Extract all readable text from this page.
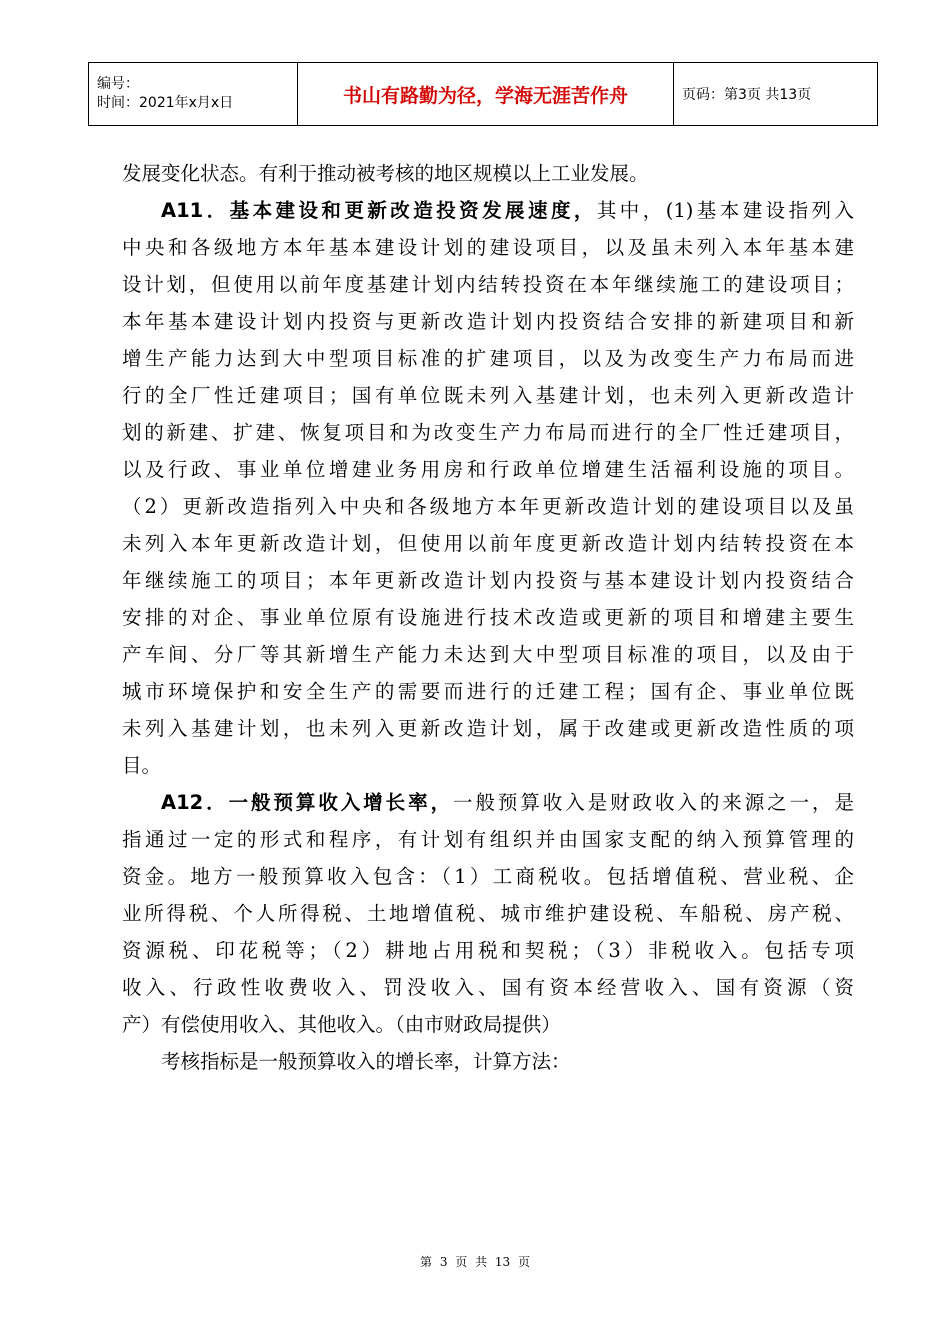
编号：
时间：2021年x月x日	书山有路勤为径，学海无涯苦作舟	页码：第3页 共13页
发展变化状态。有利于推动被考核的地区规模以上工业发展。
A11．基本建设和更新改造投资发展速度，其中，(1)基本建设指列入
中央和各级地方本年基本建设计划的建设项目，以及虽未列入本年基本建
设计划，但使用以前年度基建计划内结转投资在本年继续施工的建设项目；
本年基本建设计划内投资与更新改造计划内投资结合安排的新建项目和新
增生产能力达到大中型项目标准的扩建项目，以及为改变生产力布局而进
行的全厂性迁建项目；国有单位既未列入基建计划，也未列入更新改造计
划的新建、扩建、恢复项目和为改变生产力布局而进行的全厂性迁建项目，
以及行政、事业单位增建业务用房和行政单位增建生活福利设施的项目。
（2）更新改造指列入中央和各级地方本年更新改造计划的建设项目以及虽
未列入本年更新改造计划，但使用以前年度更新改造计划内结转投资在本
年继续施工的项目；本年更新改造计划内投资与基本建设计划内投资结合
安排的对企、事业单位原有设施进行技术改造或更新的项目和增建主要生
产车间、分厂等其新增生产能力未达到大中型项目标准的项目，以及由于
城市环境保护和安全生产的需要而进行的迁建工程；国有企、事业单位既
未列入基建计划，也未列入更新改造计划，属于改建或更新改造性质的项
目。
A12．一般预算收入增长率，一般预算收入是财政收入的来源之一，是
指通过一定的形式和程序，有计划有组织并由国家支配的纳入预算管理的
资金。地方一般预算收入包含：（1）工商税收。包括增值税、营业税、企
业所得税、个人所得税、土地增值税、城市维护建设税、车船税、房产税、
资源税、印花税等；（2）耕地占用税和契税；（3）非税收入。包括专项
收入、行政性收费收入、罚没收入、国有资本经营收入、国有资源（资
产）有偿使用收入、其他收入。（由市财政局提供）
考核指标是一般预算收入的增长率，计算方法：
第 3 页 共 13 页
